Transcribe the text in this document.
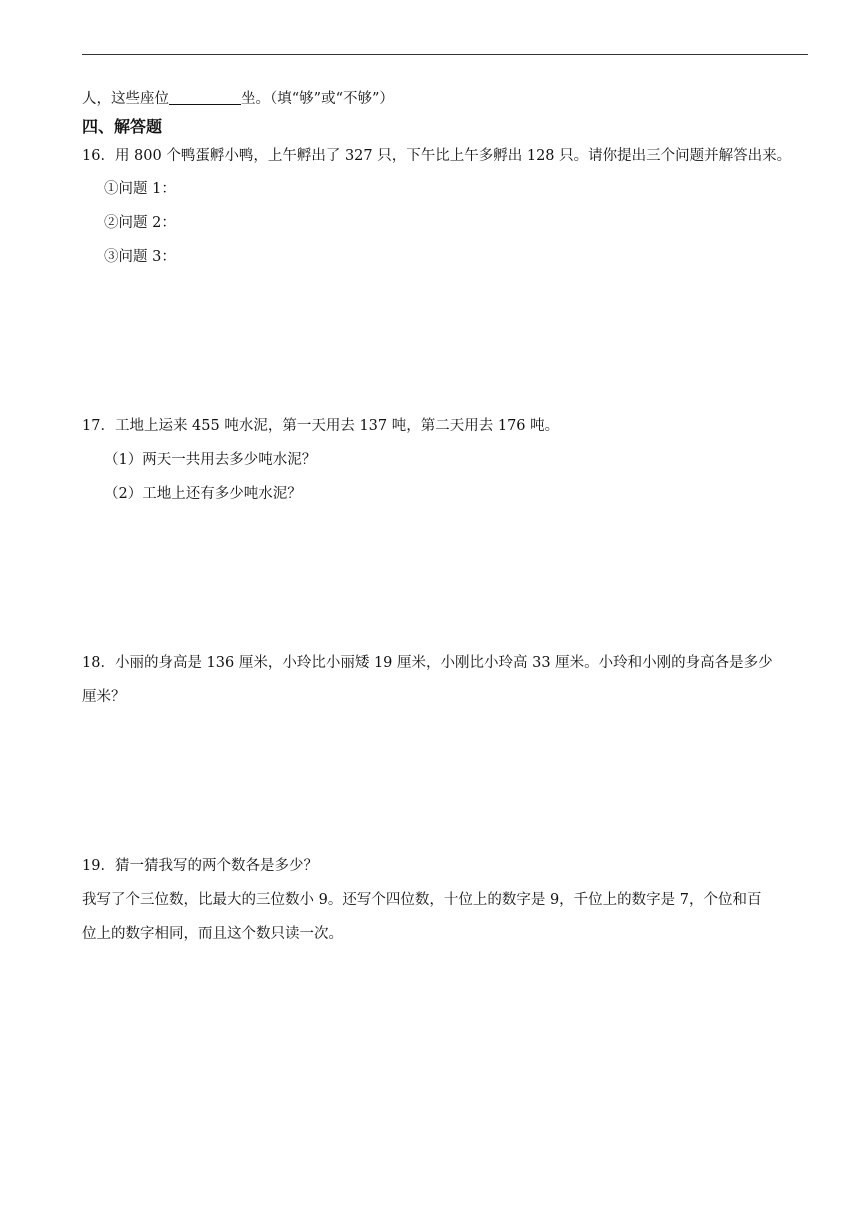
人，这些座位	坐。（填“够”或“不够”）
四、解答题
16．用 800 个鸭蛋孵小鸭，上午孵出了 327 只，下午比上午多孵出 128 只。请你提出三个问题并解答出来。
①问题 1：
②问题 2：
③问题 3：
17．工地上运来 455 吨水泥，第一天用去 137 吨，第二天用去 176 吨。
（1）两天一共用去多少吨水泥？
（2）工地上还有多少吨水泥？
18．小丽的身高是 136 厘米，小玲比小丽矮 19 厘米，小刚比小玲高 33 厘米。小玲和小刚的身高各是多少
厘米？
19．猜一猜我写的两个数各是多少？
我写了个三位数，比最大的三位数小 9。还写个四位数，十位上的数字是 9，千位上的数字是 7，个位和百
位上的数字相同，而且这个数只读一次。
